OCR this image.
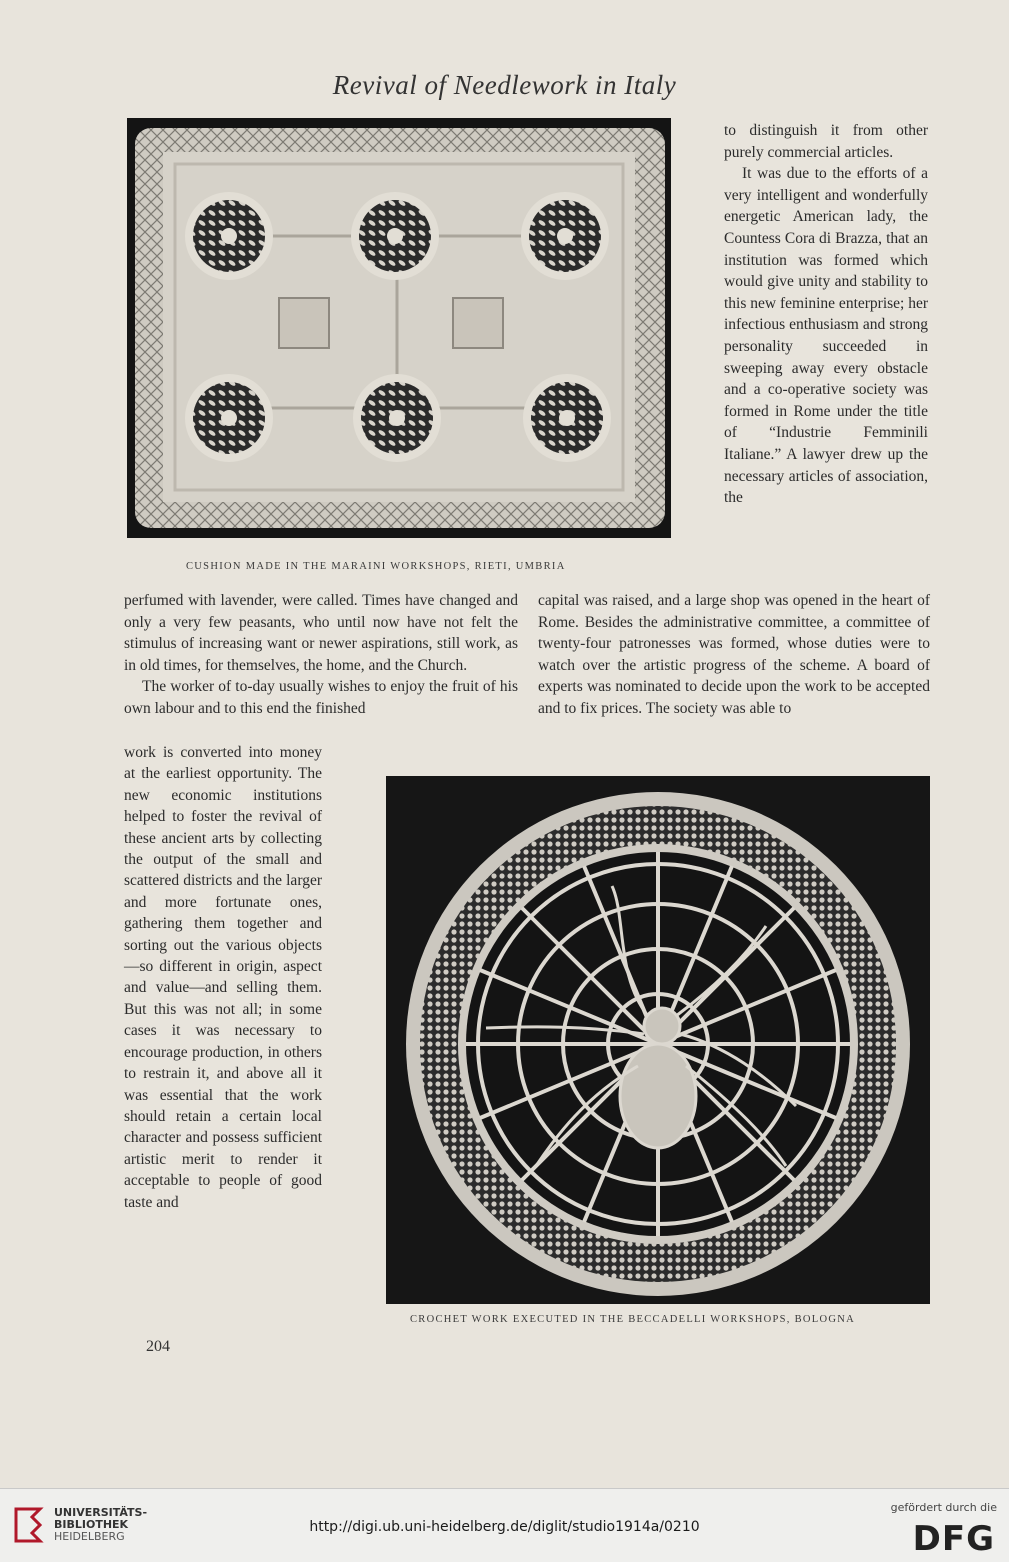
Revival of Needlework in Italy

to distinguish it from other purely commercial articles.

It was due to the efforts of a very intelligent and wonderfully energetic American lady, the Countess Cora di Brazza, that an institution was formed which would give unity and stability to this new feminine enterprise; her infectious enthusiasm and strong personality succeeded in sweeping away every obstacle and a co-operative society was formed in Rome under the title of “Industrie Femminili Italiane.” A lawyer drew up the necessary articles of association, the

CUSHION MADE IN THE MARAINI WORKSHOPS, RIETI, UMBRIA

perfumed with lavender, were called. Times have changed and only a very few peasants, who until now have not felt the stimulus of increasing want or newer aspirations, still work, as in old times, for themselves, the home, and the Church.

The worker of to-day usually wishes to enjoy the fruit of his own labour and to this end the finished

capital was raised, and a large shop was opened in the heart of Rome. Besides the administrative committee, a committee of twenty-four patronesses was formed, whose duties were to watch over the artistic progress of the scheme. A board of experts was nominated to decide upon the work to be accepted and to fix prices. The society was able to

work is converted into money at the earliest opportunity. The new economic institutions helped to foster the revival of these ancient arts by collecting the output of the small and scattered districts and the larger and more fortunate ones, gathering them together and sorting out the various objects—so different in origin, aspect and value—and selling them. But this was not all; in some cases it was necessary to encourage production, in others to restrain it, and above all it was essential that the work should retain a certain local character and possess sufficient artistic merit to render it acceptable to people of good taste and

CROCHET WORK EXECUTED IN THE BECCADELLI WORKSHOPS, BOLOGNA
204
UNIVERSITÄTS-
BIBLIOTHEK
HEIDELBERG
http://digi.ub.uni-heidelberg.de/diglit/studio1914a/0210
gefördert durch die
DFG
